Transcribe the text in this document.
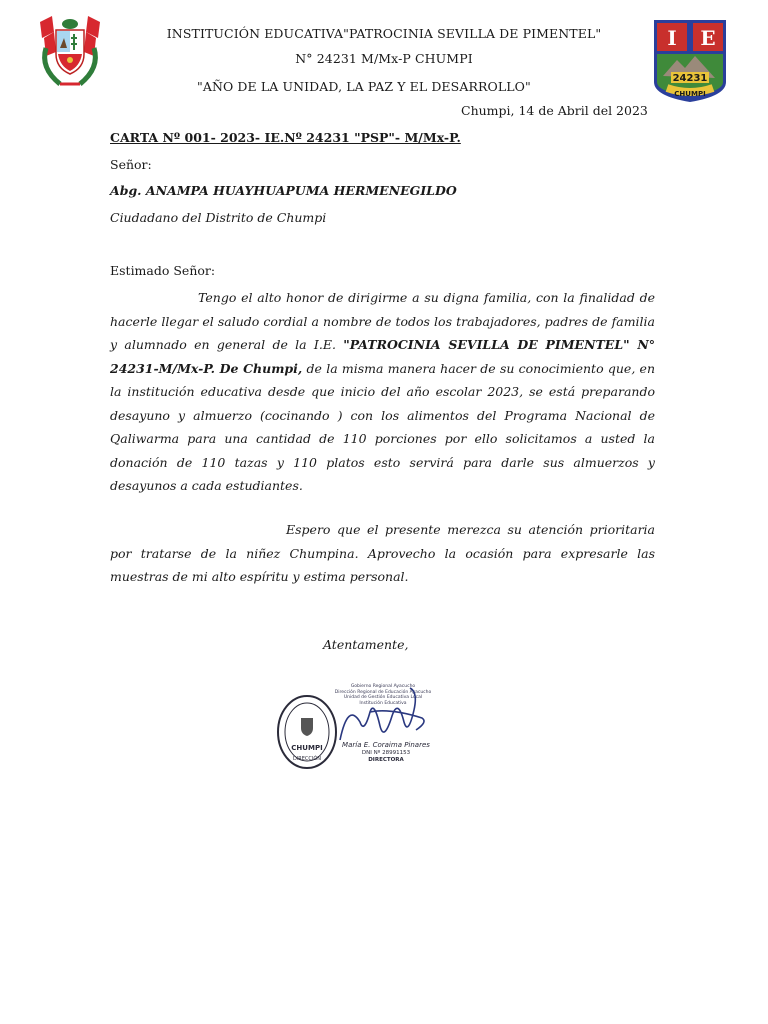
INSTITUCIÓN EDUCATIVA"PATROCINIA SEVILLA DE PIMENTEL"
N° 24231 M/Mx-P CHUMPI
"AÑO DE LA UNIDAD, LA PAZ Y EL DESARROLLO"
Chumpi, 14 de Abril del 2023
I E
24231
CHUMPI
CARTA Nº 001- 2023- IE.Nº 24231 "PSP"- M/Mx-P.
Señor:
Abg. ANAMPA HUAYHUAPUMA HERMENEGILDO
Ciudadano del Distrito de Chumpi
Estimado Señor:
Tengo el alto honor de dirigirme a su digna familia, con la finalidad de hacerle llegar el saludo cordial a nombre de todos los trabajadores, padres de familia y alumnado en general de la I.E. "PATROCINIA SEVILLA DE PIMENTEL" N° 24231-M/Mx-P. De Chumpi, de la misma manera hacer de su conocimiento que, en la institución educativa desde que inicio del año escolar 2023, se está preparando desayuno y almuerzo (cocinando ) con los alimentos del Programa Nacional de Qaliwarma para una cantidad de 110 porciones por ello solicitamos a usted la donación de 110 tazas y 110 platos esto servirá para darle sus almuerzos y desayunos a cada estudiantes.
Espero que el presente merezca su atención prioritaria por tratarse de la niñez Chumpina. Aprovecho la ocasión para expresarle las muestras de mi alto espíritu y estima personal.
Atentamente,
CHUMPI
DIRECCIÓN
Gobierno Regional Ayacucho
Dirección Regional de Educación Ayacucho
Unidad de Gestión Educativa Local
Institución Educativa
María E. Coraima Pinares
DNI Nº 28991153
DIRECTORA
